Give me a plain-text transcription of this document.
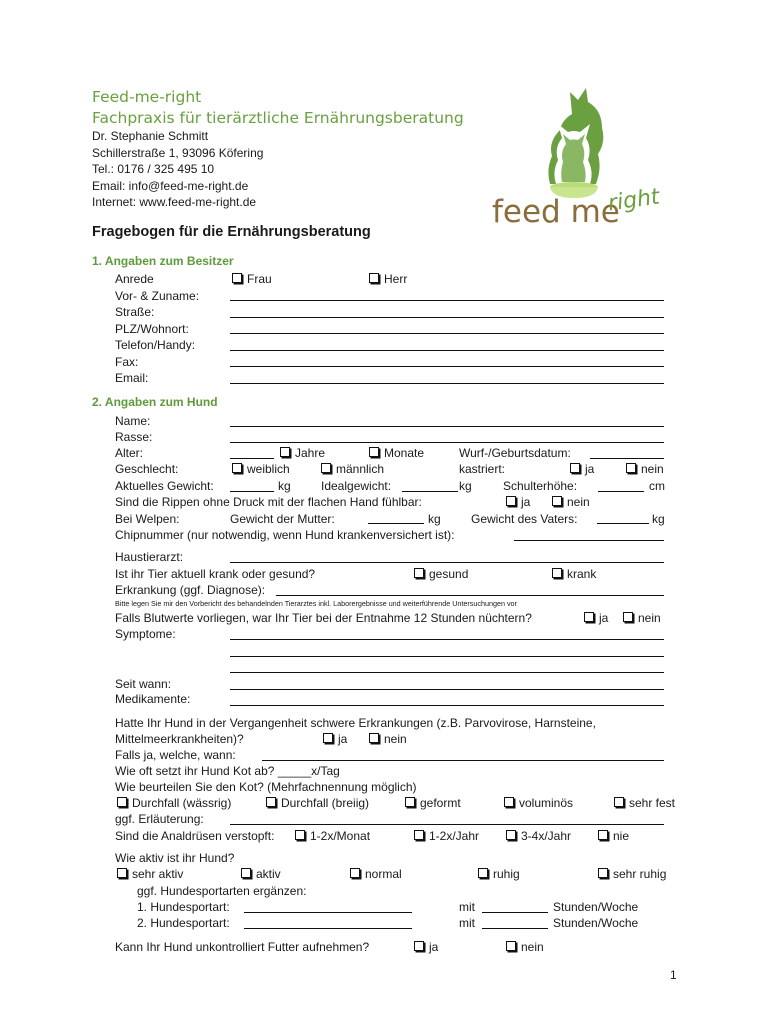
Feed-me-right
Fachpraxis für tierärztliche Ernährungsberatung
Dr. Stephanie Schmitt
Schillerstraße 1, 93096 Köfering
Tel.: 0176 / 325 495 10
Email: info@feed-me-right.de
Internet: www.feed-me-right.de	feed me
right
Fragebogen für die Ernährungsberatung
1. Angaben zum Besitzer
Anrede	Frau	Herr
Vor- & Zuname:
Straße:
PLZ/Wohnort:
Telefon/Handy:
Fax:
Email:
2. Angaben zum Hund
Name:
Rasse:
Alter:	Jahre	Monate	Wurf-/Geburtsdatum:
Geschlecht:	weiblich	männlich	kastriert:	ja	nein
Aktuelles Gewicht:	kg	Idealgewicht:	kg	Schulterhöhe:	cm
Sind die Rippen ohne Druck mit der flachen Hand fühlbar:	ja	nein
Bei Welpen:	Gewicht der Mutter:	kg	Gewicht des Vaters:	kg
Chipnummer (nur notwendig, wenn Hund krankenversichert ist):
Haustierarzt:
Ist ihr Tier aktuell krank oder gesund?	gesund	krank
Erkrankung (ggf. Diagnose):
Bitte legen Sie mir den Vorbericht des behandelnden Tierarztes inkl. Laborergebnisse und weiterführende Untersuchungen vor
Falls Blutwerte vorliegen, war Ihr Tier bei der Entnahme 12 Stunden nüchtern?	ja	nein
Symptome:
Seit wann:
Medikamente:
Hatte Ihr Hund in der Vergangenheit schwere Erkrankungen (z.B. Parvovirose, Harnsteine,
Mittelmeerkrankheiten)?	ja	nein
Falls ja, welche, wann:
Wie oft setzt ihr Hund Kot ab? _____x/Tag
Wie beurteilen Sie den Kot? (Mehrfachnennung möglich)
Durchfall (wässrig)	Durchfall (breiig)	geformt	voluminös	sehr fest
ggf. Erläuterung:
Sind die Analdrüsen verstopft:	1-2x/Monat	1-2x/Jahr	3-4x/Jahr	nie
Wie aktiv ist ihr Hund?
sehr aktiv	aktiv	normal	ruhig	sehr ruhig
ggf. Hundesportarten ergänzen:
1. Hundesportart:	mit	Stunden/Woche
2. Hundesportart:	mit	Stunden/Woche
Kann Ihr Hund unkontrolliert Futter aufnehmen?	ja	nein
1
